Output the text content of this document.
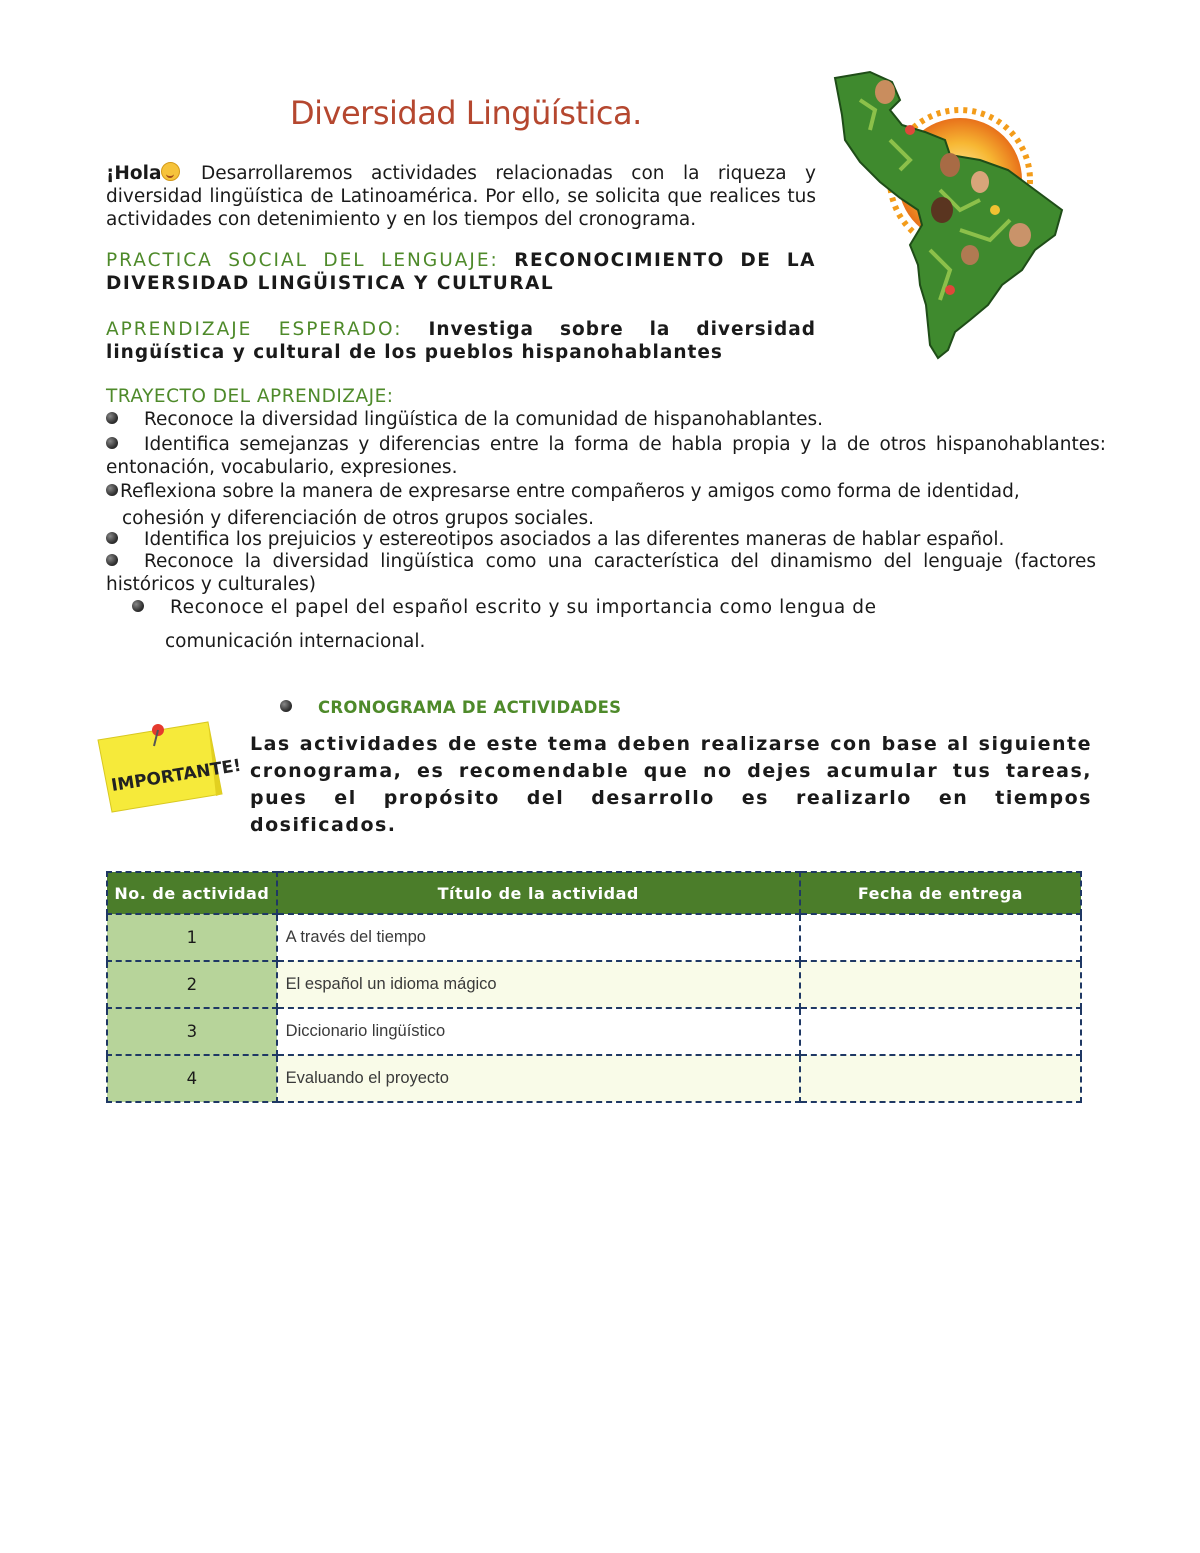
Diversidad Lingüística.
¡Hola Desarrollaremos actividades relacionadas con la riqueza y diversidad lingüística de Latinoamérica. Por ello, se solicita que realices tus actividades con detenimiento y en los tiempos del cronograma.
PRACTICA SOCIAL DEL LENGUAJE: RECONOCIMIENTO DE LA DIVERSIDAD LINGÜISTICA Y CULTURAL
APRENDIZAJE ESPERADO: Investiga sobre la diversidad lingüística y cultural de los pueblos hispanohablantes
TRAYECTO DEL APRENDIZAJE:
Reconoce la diversidad lingüística de la comunidad de hispanohablantes.
Identifica semejanzas y diferencias entre la forma de habla propia y la de otros hispanohablantes: entonación, vocabulario, expresiones.
Reflexiona sobre la manera de expresarse entre compañeros y amigos como forma de identidad,
cohesión y diferenciación de otros grupos sociales.
Identifica los prejuicios y estereotipos asociados a las diferentes maneras de hablar español.
Reconoce la diversidad lingüística como una característica del dinamismo del lenguaje (factores históricos y culturales)
Reconoce el papel del español escrito y su importancia como lengua de
comunicación internacional.
CRONOGRAMA DE ACTIVIDADES
IMPORTANTE!
Las actividades de este tema deben realizarse con base al siguiente cronograma, es recomendable que no dejes acumular tus tareas, pues el propósito del desarrollo es realizarlo en tiempos dosificados.
No. de actividad	Título de la actividad	Fecha de entrega
1	A través del tiempo	
2	El español un idioma mágico	
3	Diccionario lingüístico	
4	Evaluando el proyecto	
